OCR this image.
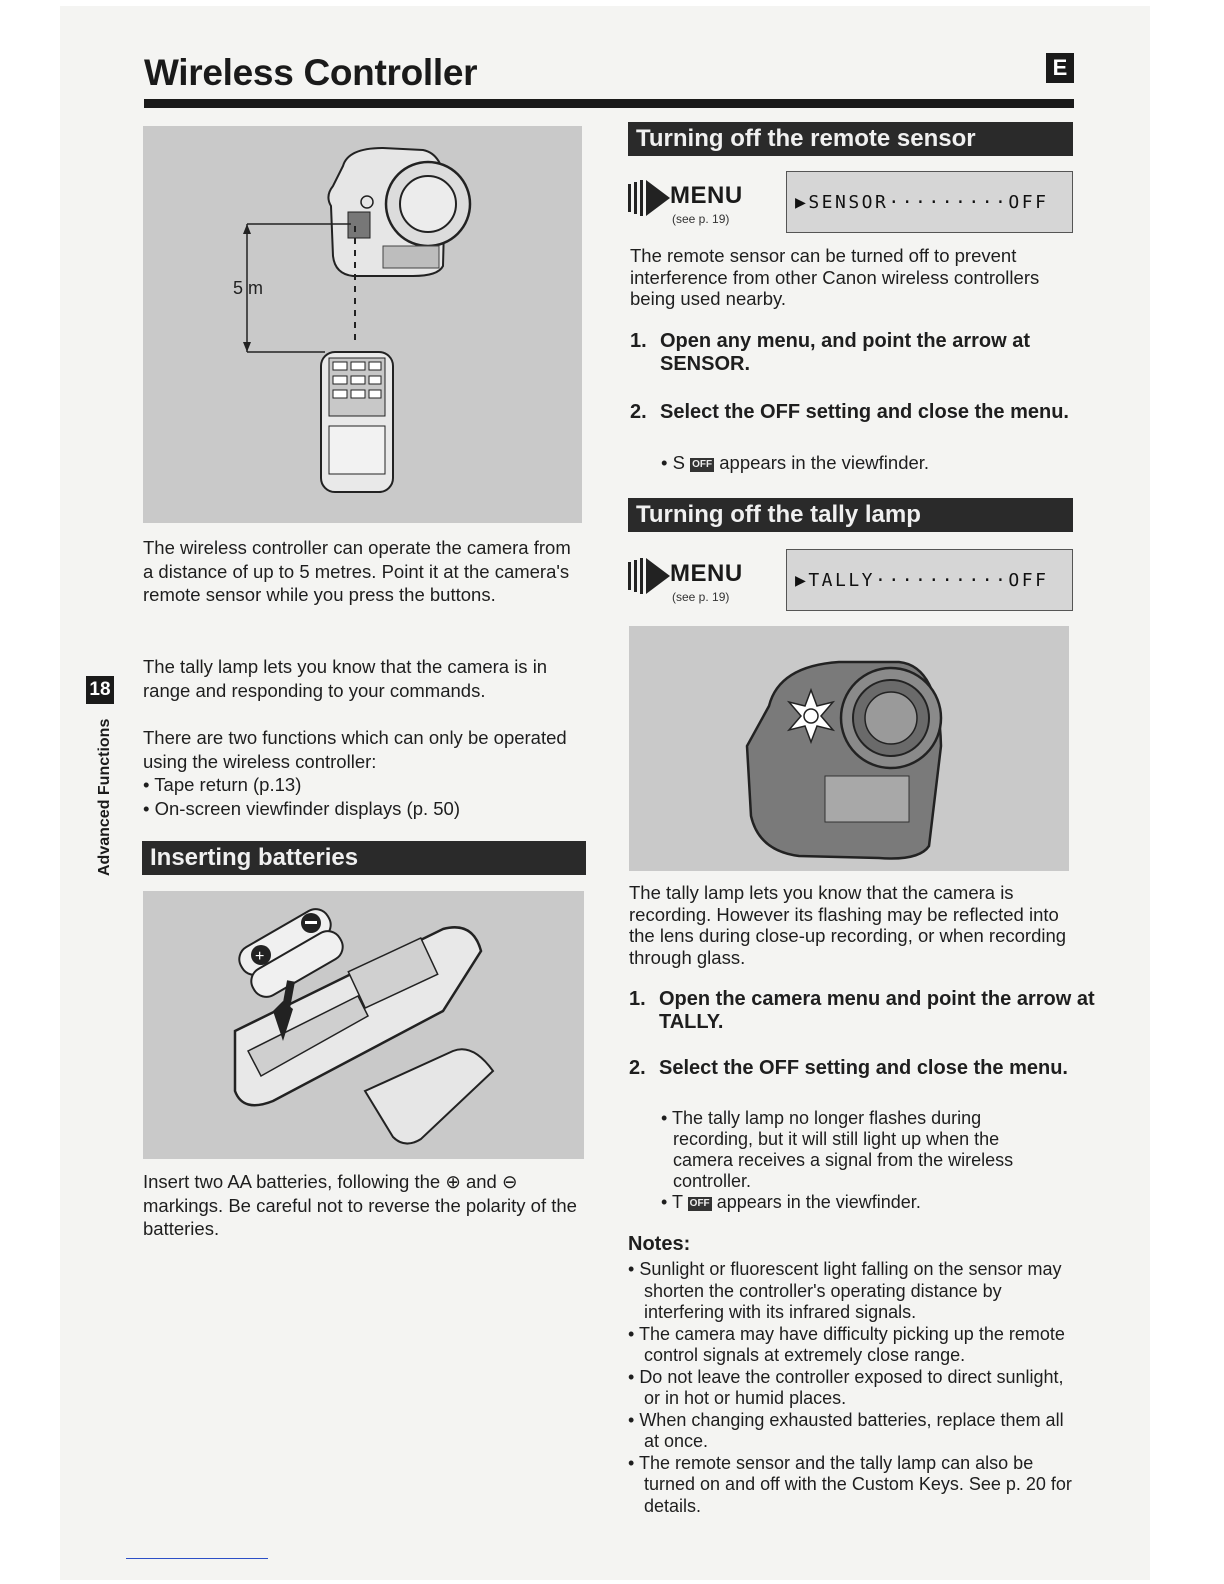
Wireless Controller	E
5 m

The wireless controller can operate the camera from a distance of up to 5 metres. Point it at the camera's remote sensor while you press the buttons.

The tally lamp lets you know that the camera is in range and responding to your commands.

There are two functions which can only be operated using the wireless controller:
• Tape return (p.13)
• On-screen viewfinder displays (p. 50)
Inserting batteries
+

Insert two AA batteries, following the ⊕ and ⊖ markings. Be careful not to reverse the polarity of the batteries.

18
Advanced Functions
Turning off the remote sensor
MENU
(see p. 19)
▶SENSOR·········OFF

The remote sensor can be turned off to prevent interference from other Canon wireless controllers being used nearby.

1. Open any menu, and point the arrow at SENSOR.
2. Select the OFF setting and close the menu.
• S OFF appears in the viewfinder.
Turning off the tally lamp
MENU
(see p. 19)
▶TALLY··········OFF

The tally lamp lets you know that the camera is recording. However its flashing may be reflected into the lens during close-up recording, or when recording through glass.

1. Open the camera menu and point the arrow at TALLY.
2. Select the OFF setting and close the menu.
• The tally lamp no longer flashes during recording, but it will still light up when the camera receives a signal from the wireless controller.
• T OFF appears in the viewfinder.
Notes:
• Sunlight or fluorescent light falling on the sensor may shorten the controller's operating distance by interfering with its infrared signals.
• The camera may have difficulty picking up the remote control signals at extremely close range.
• Do not leave the controller exposed to direct sunlight, or in hot or humid places.
• When changing exhausted batteries, replace them all at once.
• The remote sensor and the tally lamp can also be turned on and off with the Custom Keys. See p. 20 for details.
